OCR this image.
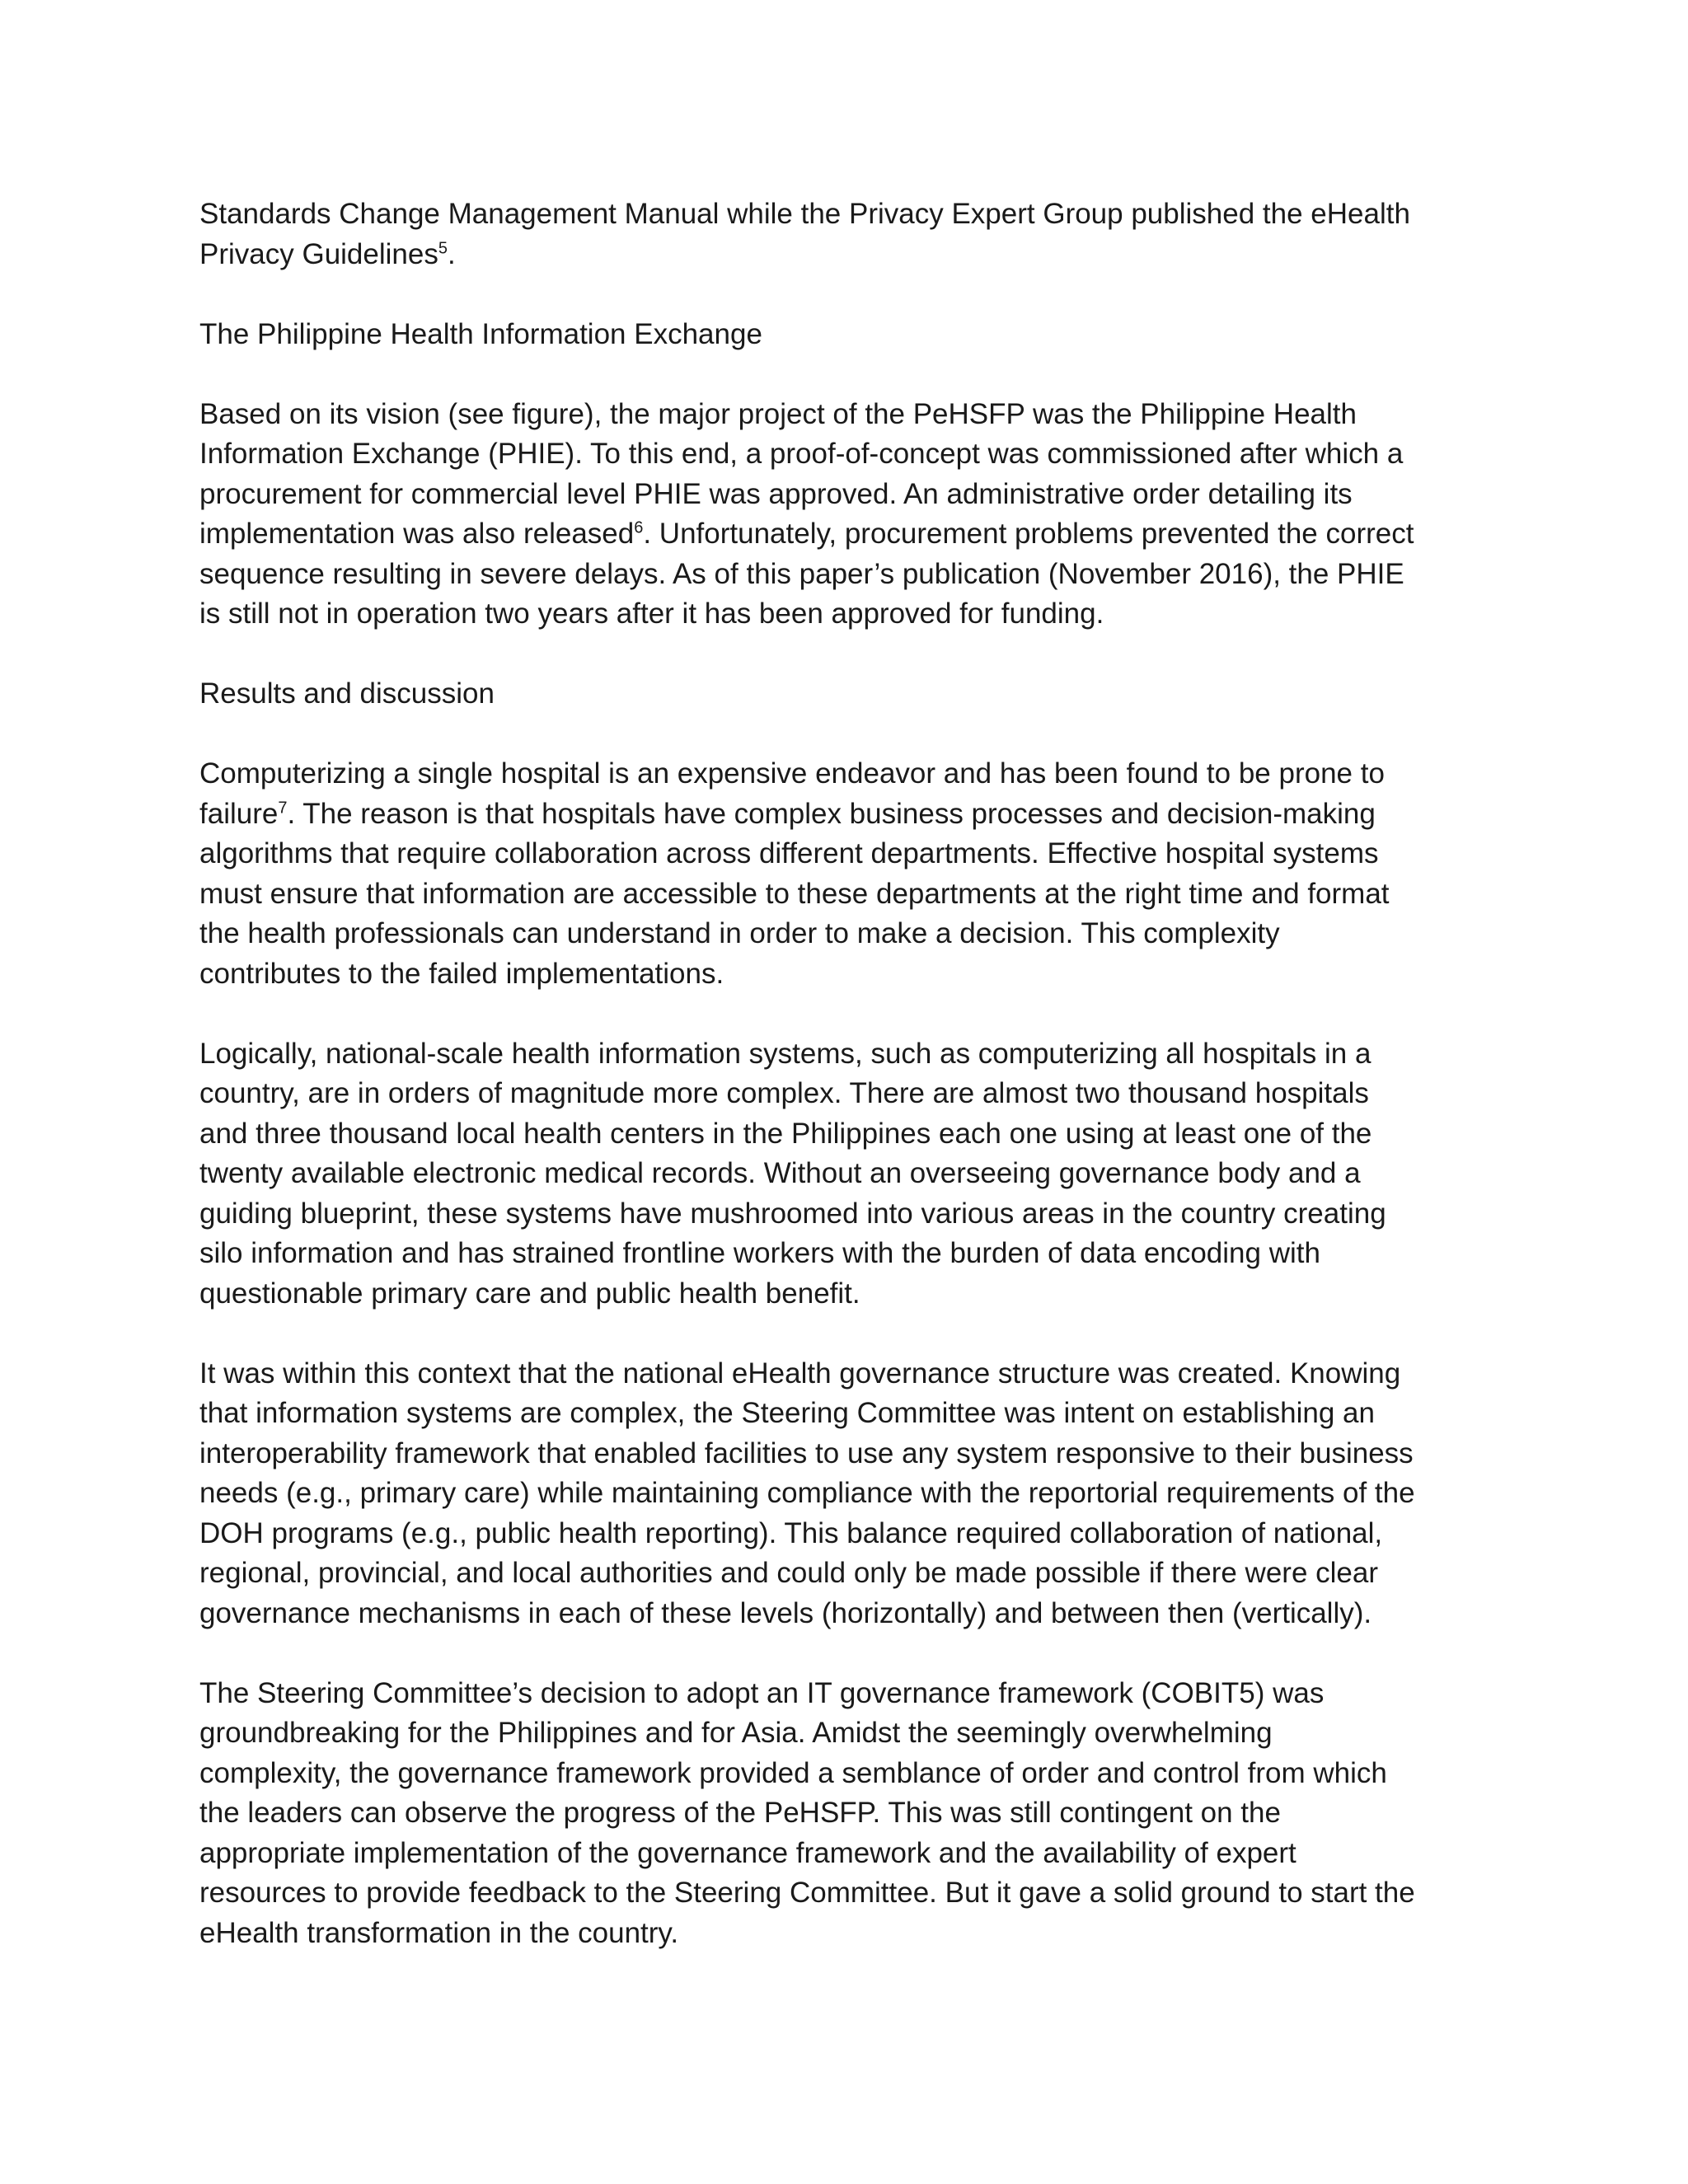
Standards Change Management Manual while the Privacy Expert Group published the eHealth
Privacy Guidelines$^5$.
The Philippine Health Information Exchange
Based on its vision (see figure), the major project of the PeHSFP was the Philippine Health
Information Exchange (PHIE). To this end, a proof-of-concept was commissioned after which a
procurement for commercial level PHIE was approved. An administrative order detailing its
implementation was also released$^6$. Unfortunately, procurement problems prevented the correct
sequence resulting in severe delays. As of this paper’s publication (November 2016), the PHIE
is still not in operation two years after it has been approved for funding.
Results and discussion
Computerizing a single hospital is an expensive endeavor and has been found to be prone to
failure$^7$. The reason is that hospitals have complex business processes and decision-making
algorithms that require collaboration across different departments. Effective hospital systems
must ensure that information are accessible to these departments at the right time and format
the health professionals can understand in order to make a decision. This complexity
contributes to the failed implementations.
Logically, national-scale health information systems, such as computerizing all hospitals in a
country, are in orders of magnitude more complex. There are almost two thousand hospitals
and three thousand local health centers in the Philippines each one using at least one of the
twenty available electronic medical records. Without an overseeing governance body and a
guiding blueprint, these systems have mushroomed into various areas in the country creating
silo information and has strained frontline workers with the burden of data encoding with
questionable primary care and public health benefit.
It was within this context that the national eHealth governance structure was created. Knowing
that information systems are complex, the Steering Committee was intent on establishing an
interoperability framework that enabled facilities to use any system responsive to their business
needs (e.g., primary care) while maintaining compliance with the reportorial requirements of the
DOH programs (e.g., public health reporting). This balance required collaboration of national,
regional, provincial, and local authorities and could only be made possible if there were clear
governance mechanisms in each of these levels (horizontally) and between then (vertically).
The Steering Committee’s decision to adopt an IT governance framework (COBIT5) was
groundbreaking for the Philippines and for Asia. Amidst the seemingly overwhelming
complexity, the governance framework provided a semblance of order and control from which
the leaders can observe the progress of the PeHSFP. This was still contingent on the
appropriate implementation of the governance framework and the availability of expert
resources to provide feedback to the Steering Committee. But it gave a solid ground to start the
eHealth transformation in the country.
